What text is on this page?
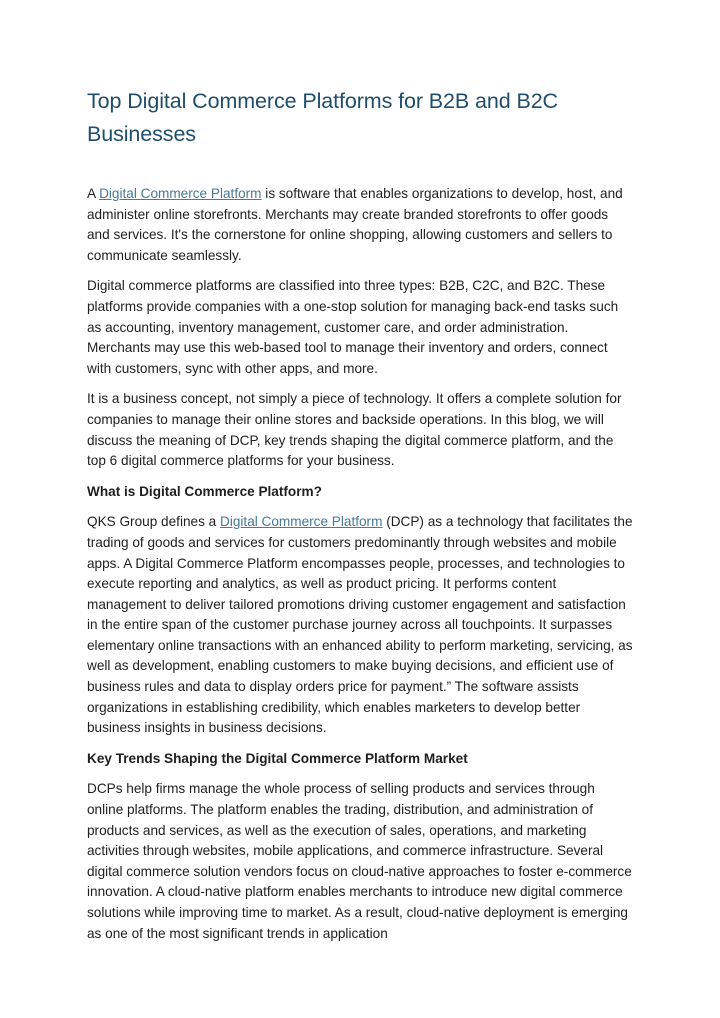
Top Digital Commerce Platforms for B2B and B2C Businesses

A Digital Commerce Platform is software that enables organizations to develop, host, and administer online storefronts. Merchants may create branded storefronts to offer goods and services. It's the cornerstone for online shopping, allowing customers and sellers to communicate seamlessly.

Digital commerce platforms are classified into three types: B2B, C2C, and B2C. These platforms provide companies with a one-stop solution for managing back-end tasks such as accounting, inventory management, customer care, and order administration. Merchants may use this web-based tool to manage their inventory and orders, connect with customers, sync with other apps, and more.

It is a business concept, not simply a piece of technology. It offers a complete solution for companies to manage their online stores and backside operations. In this blog, we will discuss the meaning of DCP, key trends shaping the digital commerce platform, and the top 6 digital commerce platforms for your business.

What is Digital Commerce Platform?

QKS Group defines a Digital Commerce Platform (DCP) as a technology that facilitates the trading of goods and services for customers predominantly through websites and mobile apps. A Digital Commerce Platform encompasses people, processes, and technologies to execute reporting and analytics, as well as product pricing. It performs content management to deliver tailored promotions driving customer engagement and satisfaction in the entire span of the customer purchase journey across all touchpoints. It surpasses elementary online transactions with an enhanced ability to perform marketing, servicing, as well as development, enabling customers to make buying decisions, and efficient use of business rules and data to display orders price for payment.” The software assists organizations in establishing credibility, which enables marketers to develop better business insights in business decisions.

Key Trends Shaping the Digital Commerce Platform Market

DCPs help firms manage the whole process of selling products and services through online platforms. The platform enables the trading, distribution, and administration of products and services, as well as the execution of sales, operations, and marketing activities through websites, mobile applications, and commerce infrastructure. Several digital commerce solution vendors focus on cloud-native approaches to foster e-commerce innovation. A cloud-native platform enables merchants to introduce new digital commerce solutions while improving time to market. As a result, cloud-native deployment is emerging as one of the most significant trends in application
